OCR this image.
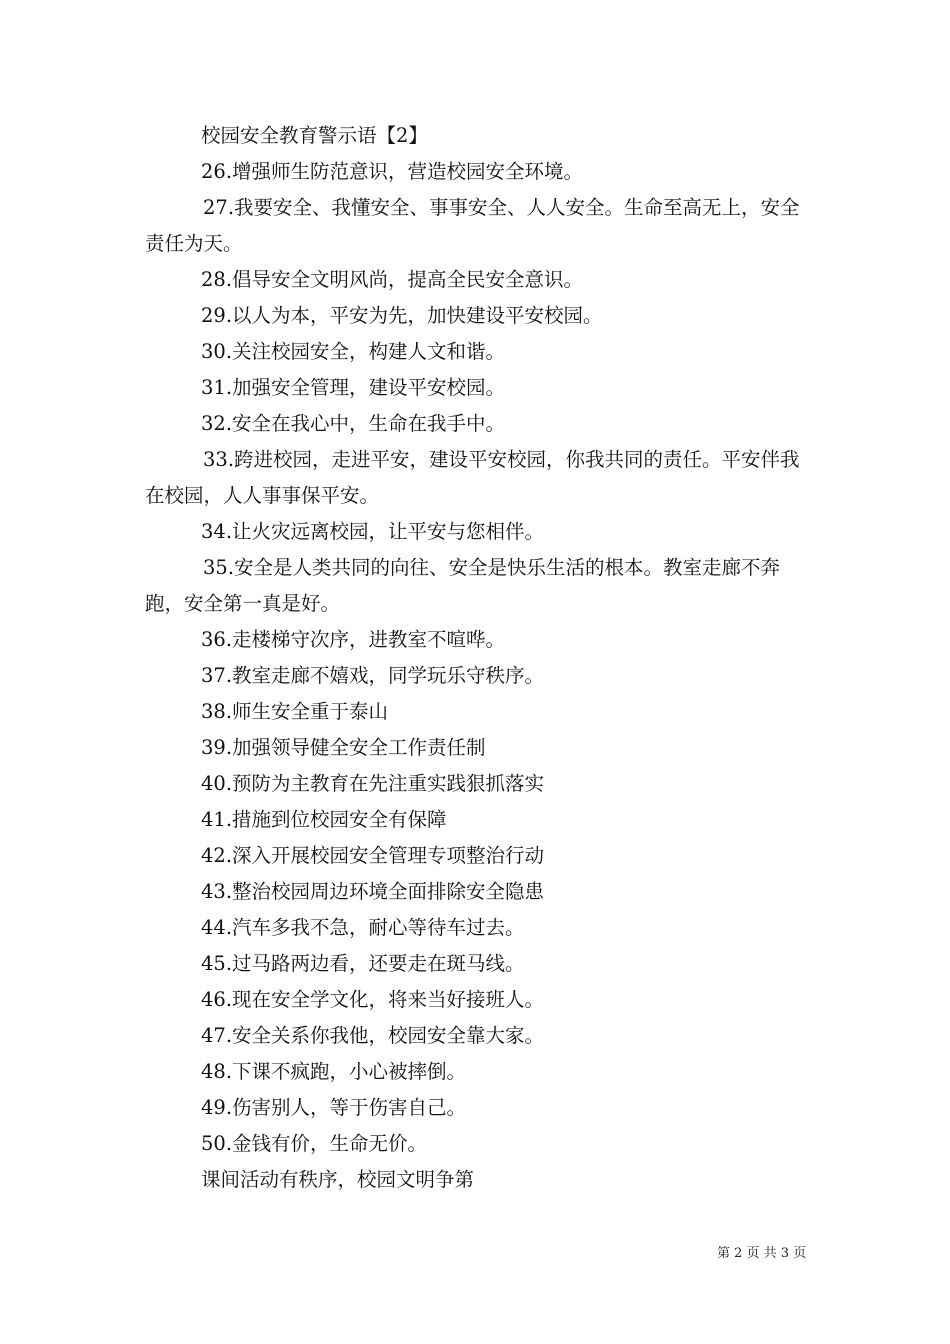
校园安全教育警示语【2】

26.增强师生防范意识，营造校园安全环境。

27.我要安全、我懂安全、事事安全、人人安全。生命至高无上，安全责任为天。

28.倡导安全文明风尚，提高全民安全意识。

29.以人为本，平安为先，加快建设平安校园。

30.关注校园安全，构建人文和谐。

31.加强安全管理，建设平安校园。

32.安全在我心中，生命在我手中。

33.跨进校园，走进平安，建设平安校园，你我共同的责任。平安伴我在校园，人人事事保平安。

34.让火灾远离校园，让平安与您相伴。

35.安全是人类共同的向往、安全是快乐生活的根本。教室走廊不奔跑，安全第一真是好。

36.走楼梯守次序，进教室不喧哗。

37.教室走廊不嬉戏，同学玩乐守秩序。

38.师生安全重于泰山

39.加强领导健全安全工作责任制

40.预防为主教育在先注重实践狠抓落实

41.措施到位校园安全有保障

42.深入开展校园安全管理专项整治行动

43.整治校园周边环境全面排除安全隐患

44.汽车多我不急，耐心等待车过去。

45.过马路两边看，还要走在斑马线。

46.现在安全学文化，将来当好接班人。

47.安全关系你我他，校园安全靠大家。

48.下课不疯跑，小心被摔倒。

49.伤害别人，等于伤害自己。

50.金钱有价，生命无价。

课间活动有秩序，校园文明争第

第 2 页 共 3 页
